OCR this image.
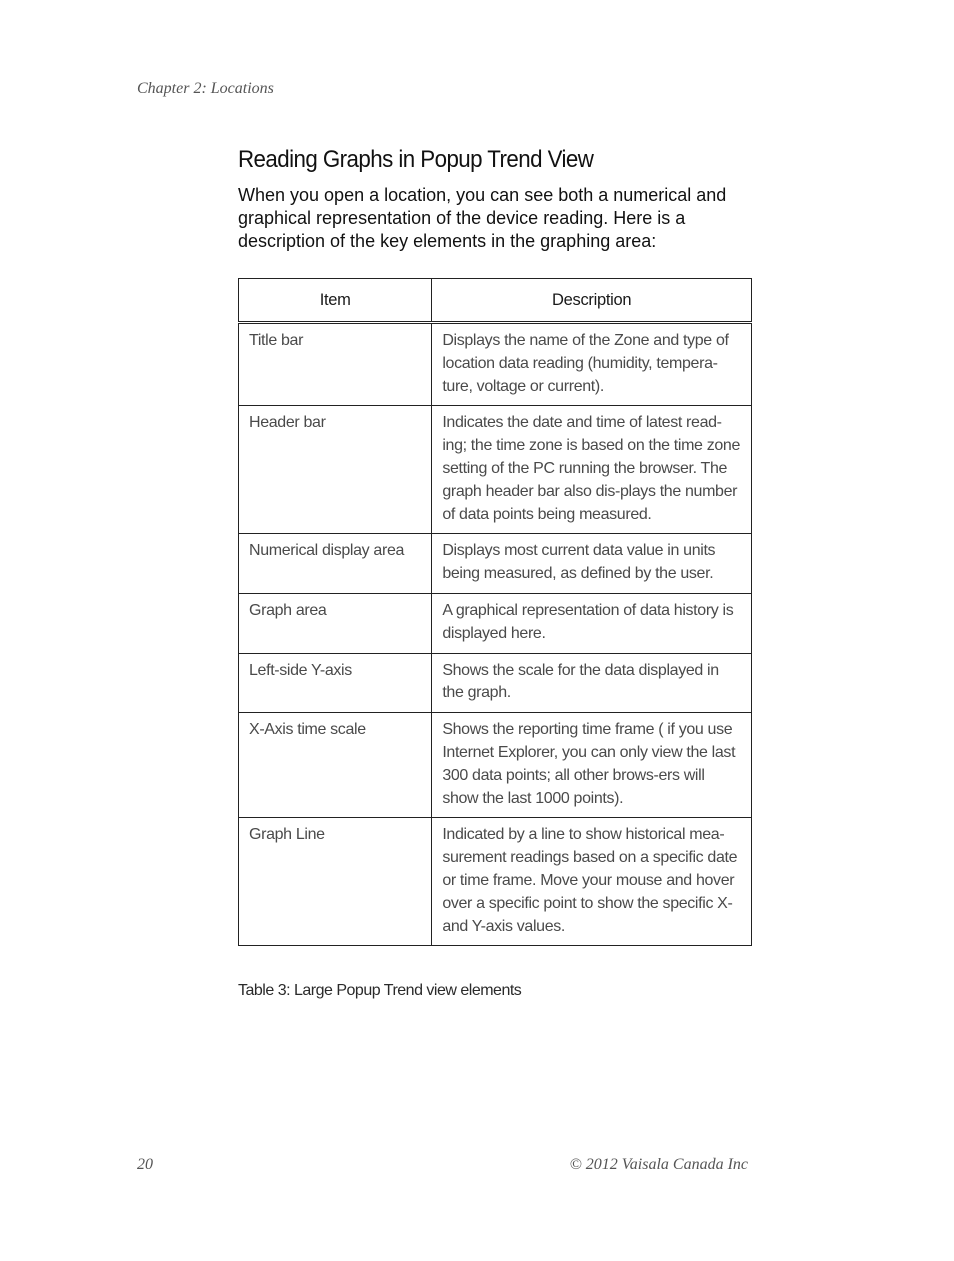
Chapter 2: Locations
Reading Graphs in Popup Trend View

When you open a location, you can see both a numerical and graphical representation of the device reading. Here is a description of the key elements in the graphing area:

Item	Description

Title bar	Displays the name of the Zone and type of location data reading (humidity, tempera-ture, voltage or current).

Header bar	Indicates the date and time of latest read-ing; the time zone is based on the time zone setting of the PC running the browser. The graph header bar also dis-plays the number of data points being measured.

Numerical display area	Displays most current data value in units being measured, as defined by the user.

Graph area	A graphical representation of data history is displayed here.

Left-side Y-axis	Shows the scale for the data displayed in the graph.

X-Axis time scale	Shows the reporting time frame ( if you use Internet Explorer, you can only view the last 300 data points; all other brows-ers will show the last 1000 points).

Graph Line	Indicated by a line to show historical mea-surement readings based on a specific date or time frame. Move your mouse and hover over a specific point to show the specific X- and Y-axis values.
Table 3: Large Popup Trend view elements
20	© 2012 Vaisala Canada Inc
